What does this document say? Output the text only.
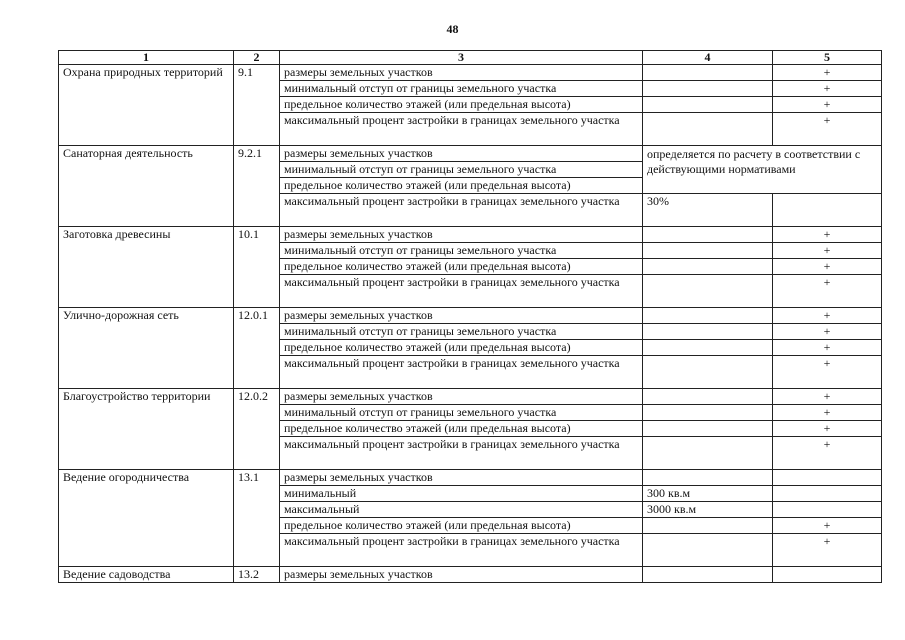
48
1	2	3	4	5
Охрана природных территорий	9.1	размеры земельных участков		+
		минимальный отступ от границы земельного участка		+
		предельное количество этажей (или предельная высота)		+
		максимальный процент застройки в границах земельного участка		+
Санаторная деятельность	9.2.1	размеры земельных участков	определяется по расчету в соответствии с действующими нормативами	
		минимальный отступ от границы земельного участка		
		предельное количество этажей (или предельная высота)		
		максимальный процент застройки в границах земельного участка	30%	
Заготовка древесины	10.1	размеры земельных участков		+
		минимальный отступ от границы земельного участка		+
		предельное количество этажей (или предельная высота)		+
		максимальный процент застройки в границах земельного участка		+
Улично-дорожная сеть	12.0.1	размеры земельных участков		+
		минимальный отступ от границы земельного участка		+
		предельное количество этажей (или предельная высота)		+
		максимальный процент застройки в границах земельного участка		+
Благоустройство территории	12.0.2	размеры земельных участков		+
		минимальный отступ от границы земельного участка		+
		предельное количество этажей (или предельная высота)		+
		максимальный процент застройки в границах земельного участка		+
Ведение огородничества	13.1	размеры земельных участков		
		минимальный	300 кв.м	
		максимальный	3000 кв.м	
		предельное количество этажей (или предельная высота)		+
		максимальный процент застройки в границах земельного участка		+
Ведение садоводства	13.2	размеры земельных участков		
